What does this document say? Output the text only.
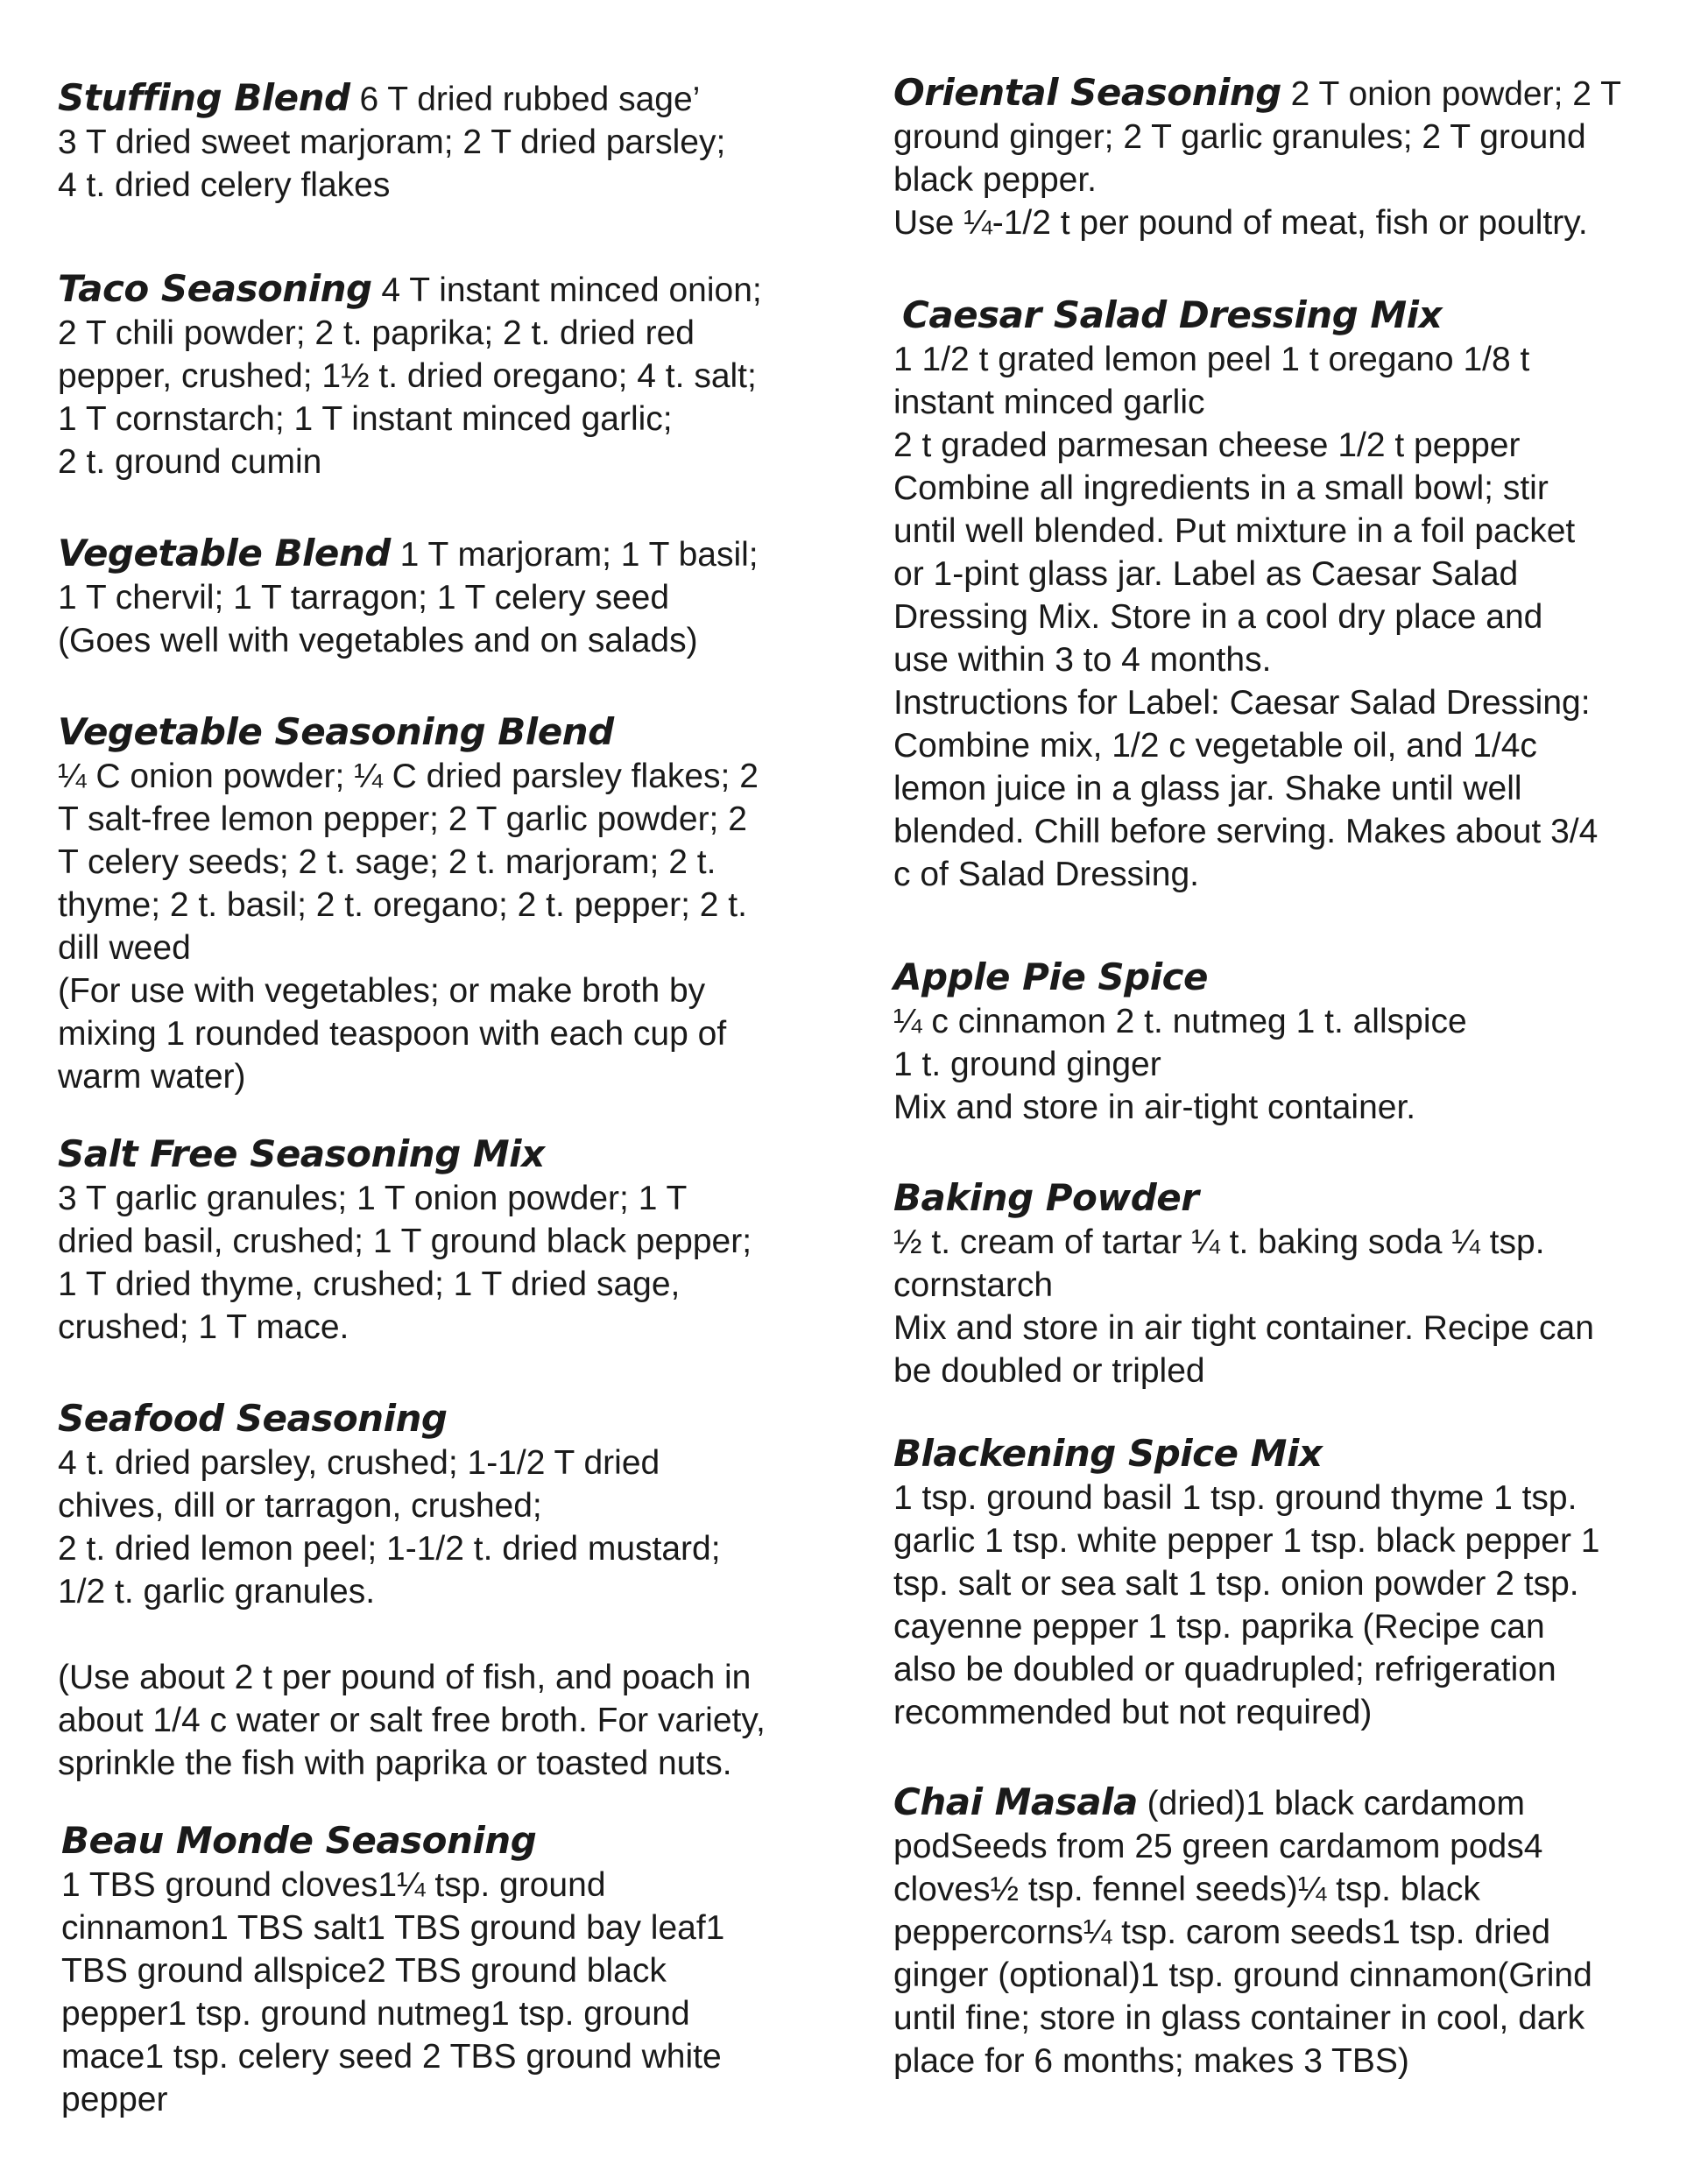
Stuffing Blend 6 T dried rubbed sage’

3 T dried sweet marjoram; 2 T dried parsley;
4 t. dried celery flakes

Taco Seasoning 4 T instant minced onion;

2 T chili powder; 2 t. paprika; 2 t. dried red
pepper, crushed; 1½ t. dried oregano; 4 t. salt;
1 T cornstarch; 1 T instant minced garlic;
2 t. ground cumin

Vegetable Blend 1 T marjoram; 1 T basil;

1 T chervil; 1 T tarragon; 1 T celery seed
(Goes well with vegetables and on salads)

Vegetable Seasoning Blend

¼ C onion powder; ¼ C dried parsley flakes; 2
T salt-free lemon pepper; 2 T garlic powder; 2
T celery seeds; 2 t. sage; 2 t. marjoram; 2 t.
thyme; 2 t. basil; 2 t. oregano; 2 t. pepper; 2 t.
dill weed
(For use with vegetables; or make broth by
mixing 1 rounded teaspoon with each cup of
warm water)

Salt Free Seasoning Mix

3 T garlic granules; 1 T onion powder; 1 T
dried basil, crushed; 1 T ground black pepper;
1 T dried thyme, crushed; 1 T dried sage,
crushed; 1 T mace.

Seafood Seasoning

4 t. dried parsley, crushed; 1-1/2 T dried
chives, dill or tarragon, crushed;
2 t. dried lemon peel; 1-1/2 t. dried mustard;
1/2 t. garlic granules.
(Use about 2 t per pound of fish, and poach in
about 1/4 c water or salt free broth. For variety,
sprinkle the fish with paprika or toasted nuts.

Beau Monde Seasoning

1 TBS ground cloves1¼ tsp. ground
cinnamon1 TBS salt1 TBS ground bay leaf1
TBS ground allspice2 TBS ground black
pepper1 tsp. ground nutmeg1 tsp. ground
mace1 tsp. celery seed 2 TBS ground white
pepper

Oriental Seasoning 2 T onion powder; 2 T

ground ginger; 2 T garlic granules; 2 T ground
black pepper.
Use ¼-1/2 t per pound of meat, fish or poultry.

Caesar Salad Dressing Mix

1 1/2 t grated lemon peel 1 t oregano 1/8 t
instant minced garlic
2 t graded parmesan cheese 1/2 t pepper
Combine all ingredients in a small bowl; stir
until well blended. Put mixture in a foil packet
or 1-pint glass jar. Label as Caesar Salad
Dressing Mix. Store in a cool dry place and
use within 3 to 4 months.
Instructions for Label: Caesar Salad Dressing:
Combine mix, 1/2 c vegetable oil, and 1/4c
lemon juice in a glass jar. Shake until well
blended. Chill before serving. Makes about 3/4
c of Salad Dressing.

Apple Pie Spice

¼ c cinnamon 2 t. nutmeg 1 t. allspice
1 t. ground ginger
Mix and store in air-tight container.

Baking Powder

½ t. cream of tartar ¼ t. baking soda ¼ tsp.
cornstarch
Mix and store in air tight container. Recipe can
be doubled or tripled

Blackening Spice Mix

1 tsp. ground basil 1 tsp. ground thyme 1 tsp.
garlic 1 tsp. white pepper 1 tsp. black pepper 1
tsp. salt or sea salt 1 tsp. onion powder 2 tsp.
cayenne pepper 1 tsp. paprika (Recipe can
also be doubled or quadrupled; refrigeration
recommended but not required)

Chai Masala (dried)1 black cardamom

podSeeds from 25 green cardamom pods4
cloves½ tsp. fennel seeds)¼ tsp. black
peppercorns¼ tsp. carom seeds1 tsp. dried
ginger (optional)1 tsp. ground cinnamon(Grind
until fine; store in glass container in cool, dark
place for 6 months; makes 3 TBS)
